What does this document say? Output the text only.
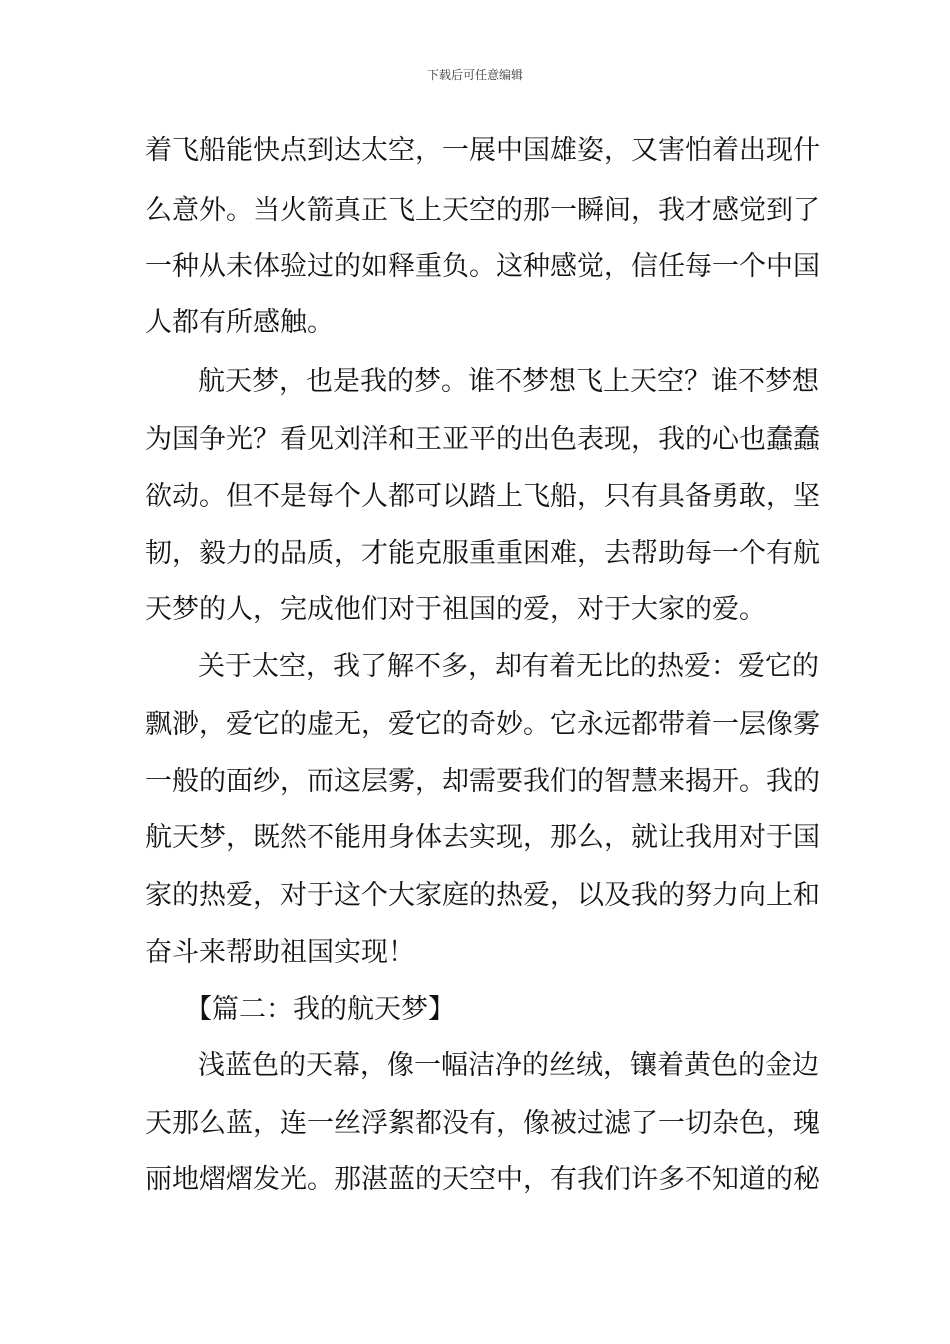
下载后可任意编辑
着飞船能快点到达太空，一展中国雄姿，又害怕着出现什
么意外。当火箭真正飞上天空的那一瞬间，我才感觉到了
一种从未体验过的如释重负。这种感觉，信任每一个中国
人都有所感触。
航天梦，也是我的梦。谁不梦想飞上天空？谁不梦想
为国争光？看见刘洋和王亚平的出色表现，我的心也蠢蠢
欲动。但不是每个人都可以踏上飞船，只有具备勇敢，坚
韧，毅力的品质，才能克服重重困难，去帮助每一个有航
天梦的人，完成他们对于祖国的爱，对于大家的爱。
关于太空，我了解不多，却有着无比的热爱：爱它的
飘渺，爱它的虚无，爱它的奇妙。它永远都带着一层像雾
一般的面纱，而这层雾，却需要我们的智慧来揭开。我的
航天梦，既然不能用身体去实现，那么，就让我用对于国
家的热爱，对于这个大家庭的热爱，以及我的努力向上和
奋斗来帮助祖国实现！
【篇二：我的航天梦】
浅蓝色的天幕，像一幅洁净的丝绒，镶着黄色的金边
天那么蓝，连一丝浮絮都没有，像被过滤了一切杂色，瑰
丽地熠熠发光。那湛蓝的天空中，有我们许多不知道的秘
